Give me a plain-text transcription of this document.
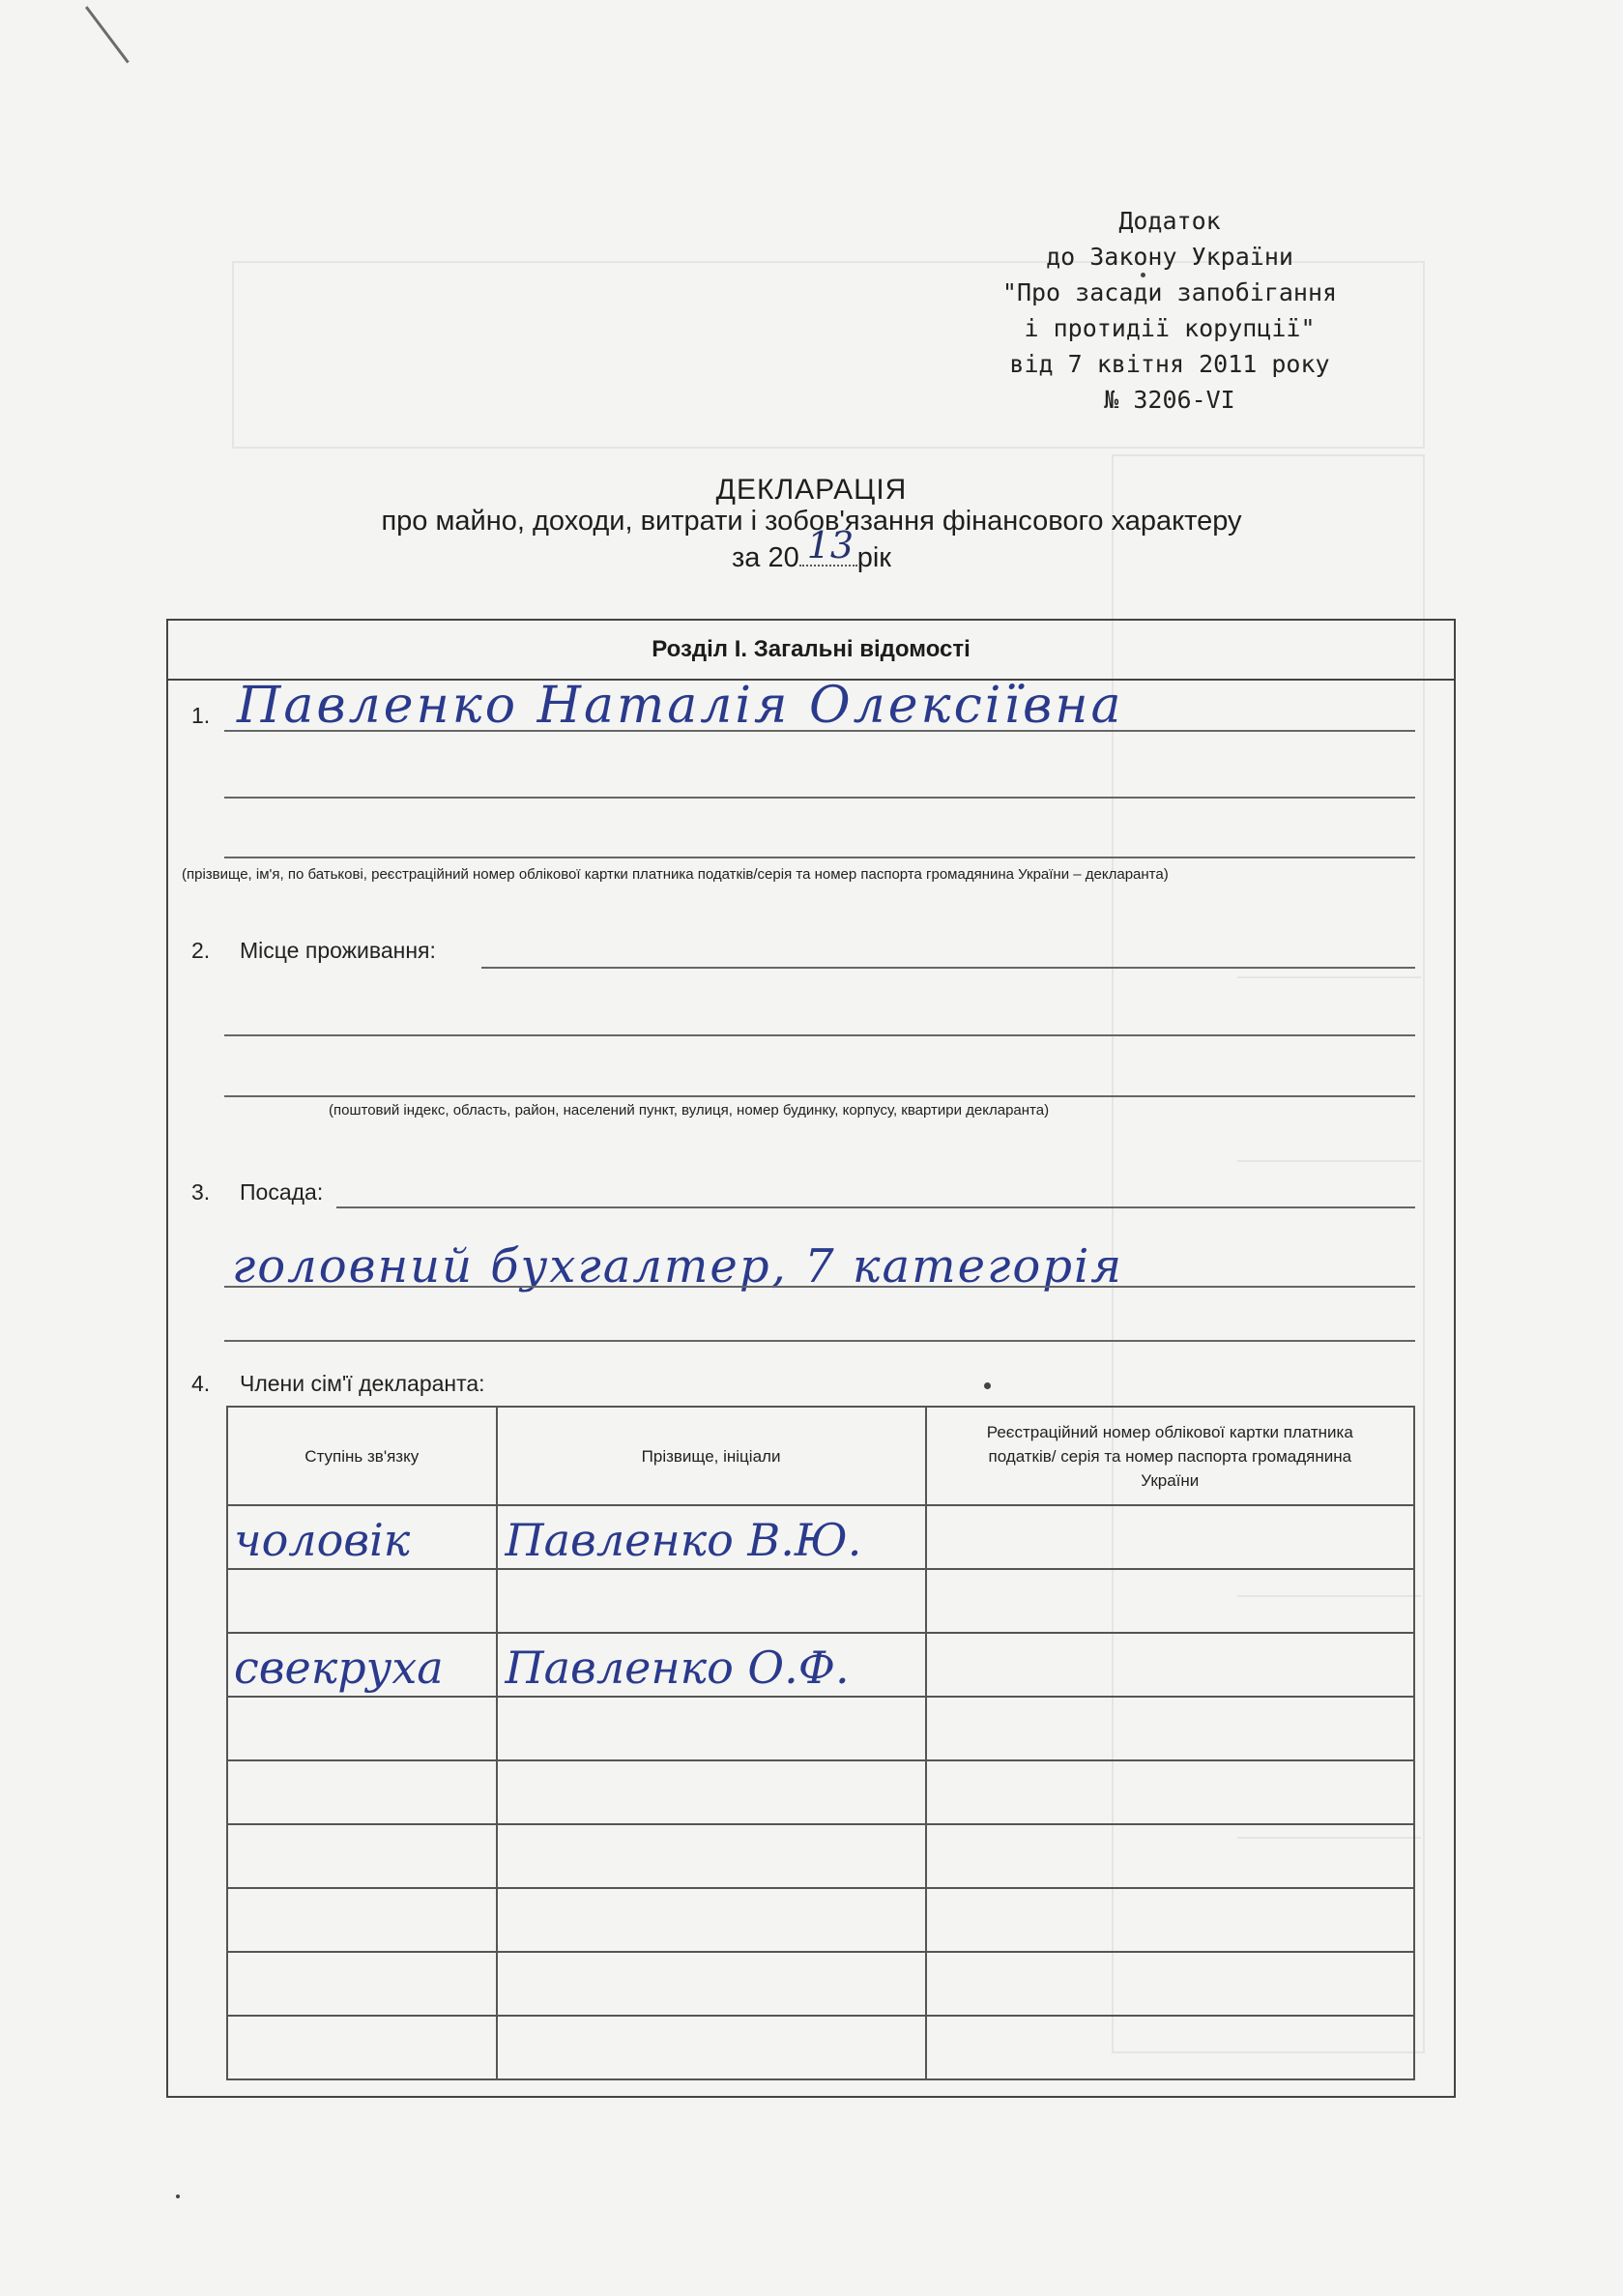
Додаток
до Закону України
"Про засади запобігання
і протидії корупції"
від 7 квітня 2011 року
№ 3206-VI
ДЕКЛАРАЦІЯ
про майно, доходи, витрати і зобов'язання фінансового характеру
за 20 13 рік
Розділ І. Загальні відомості
1. Павленко Наталія Олексіївна
(прізвище, ім'я, по батькові, реєстраційний номер облікової картки платника податків/серія та номер паспорта громадянина України – декларанта)
2. Місце проживання:
(поштовий індекс, область, район, населений пункт, вулиця, номер будинку, корпусу, квартири декларанта)
3. Посада:
головний бухгалтер, 7 категорія
4. Члени сім'ї декларанта:
Ступінь зв'язку	Прізвище, ініціали	Реєстраційний номер облікової картки платника податків/ серія та номер паспорта громадянина України

чоловік	Павленко В.Ю.	

свекруха	Павленко О.Ф.	
